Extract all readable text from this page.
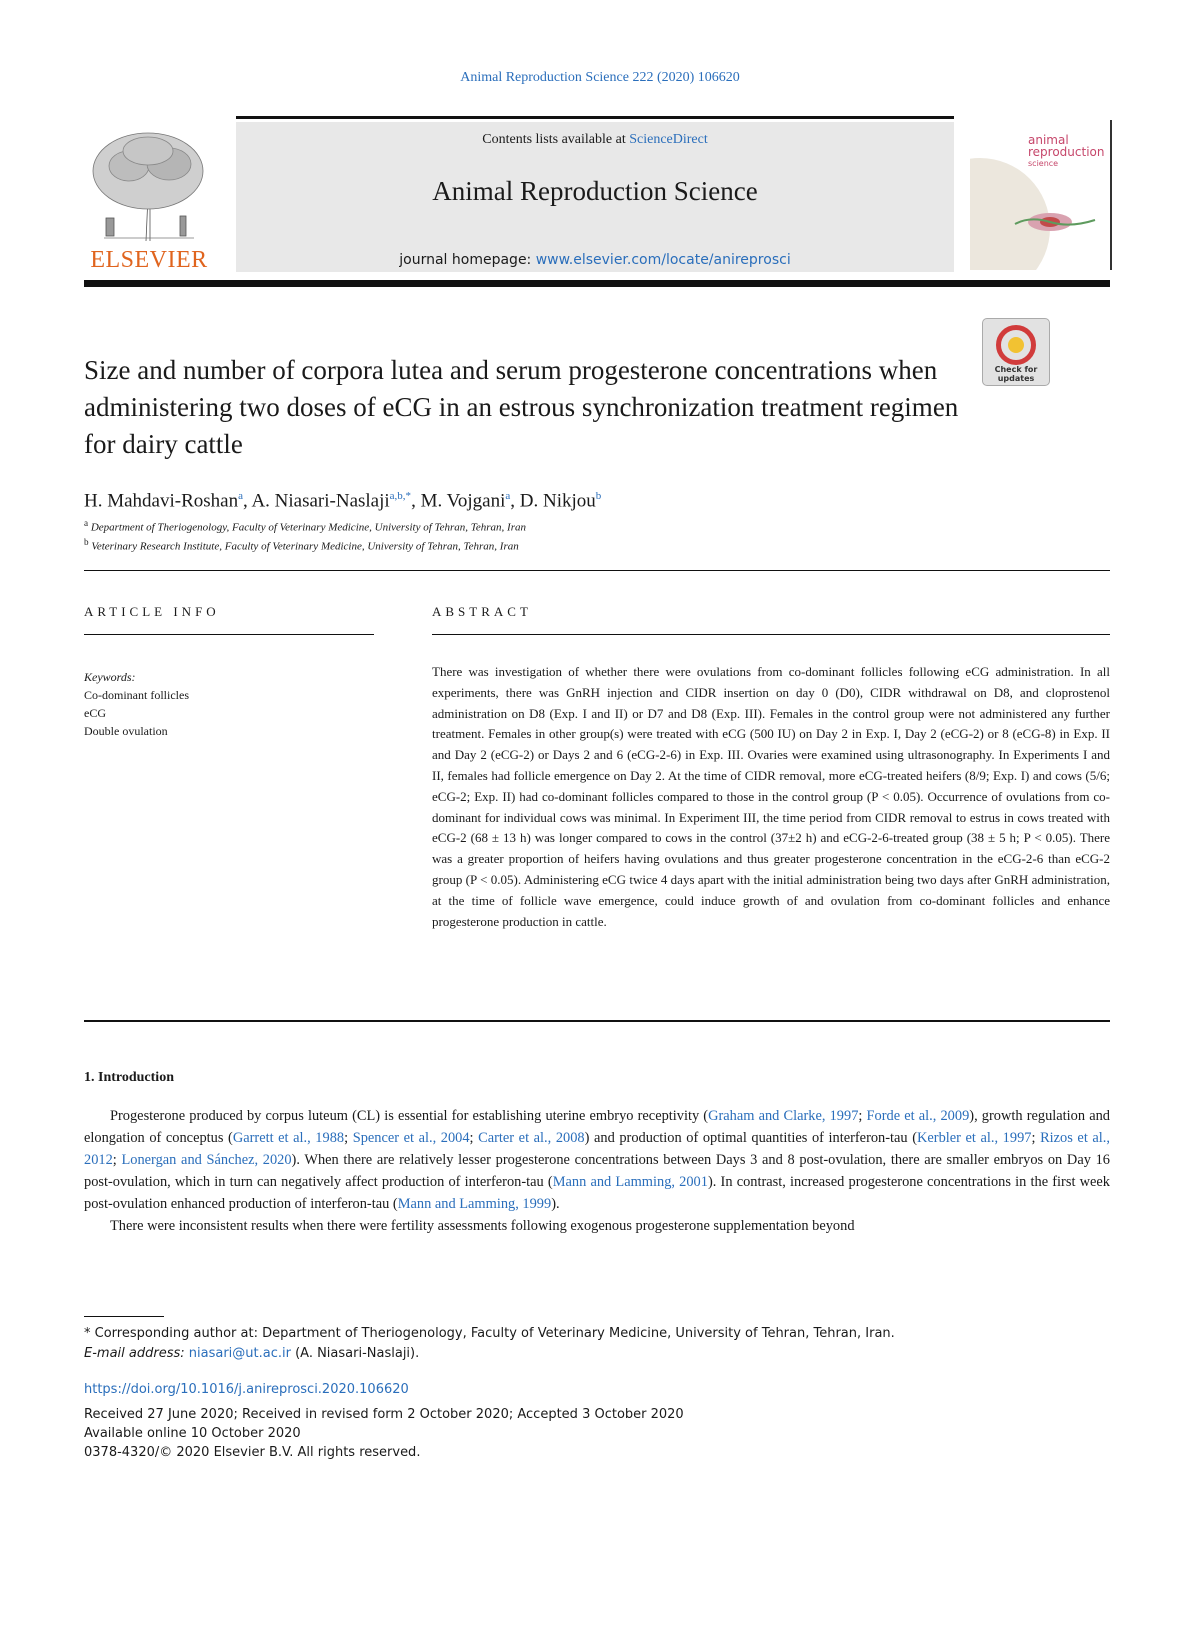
Animal Reproduction Science 222 (2020) 106620
ELSEVIER
Contents lists available at ScienceDirect
Animal Reproduction Science
journal homepage: www.elsevier.com/locate/anireprosci
animal
reproduction
science
Check for updates
Size and number of corpora lutea and serum progesterone concentrations when administering two doses of eCG in an estrous synchronization treatment regimen for dairy cattle
H. Mahdavi-Roshan$^a$, A. Niasari-Naslaji$^{a,b,*}$, M. Vojgani$^a$, D. Nikjou$^b$
$^a$ Department of Theriogenology, Faculty of Veterinary Medicine, University of Tehran, Tehran, Iran
$^b$ Veterinary Research Institute, Faculty of Veterinary Medicine, University of Tehran, Tehran, Iran
ARTICLE INFO	ABSTRACT
Keywords:
Co-dominant follicles
eCG
Double ovulation
There was investigation of whether there were ovulations from co-dominant follicles following eCG administration. In all experiments, there was GnRH injection and CIDR insertion on day 0 (D0), CIDR withdrawal on D8, and cloprostenol administration on D8 (Exp. I and II) or D7 and D8 (Exp. III). Females in the control group were not administered any further treatment. Females in other group(s) were treated with eCG (500 IU) on Day 2 in Exp. I, Day 2 (eCG-2) or 8 (eCG-8) in Exp. II and Day 2 (eCG-2) or Days 2 and 6 (eCG-2-6) in Exp. III. Ovaries were examined using ultrasonography. In Experiments I and II, females had follicle emergence on Day 2. At the time of CIDR removal, more eCG-treated heifers (8/9; Exp. I) and cows (5/6; eCG-2; Exp. II) had co-dominant follicles compared to those in the control group (P < 0.05). Occurrence of ovulations from co-dominant for individual cows was minimal. In Experiment III, the time period from CIDR removal to estrus in cows treated with eCG-2 (68 ± 13 h) was longer compared to cows in the control (37±2 h) and eCG-2-6-treated group (38 ± 5 h; P < 0.05). There was a greater proportion of heifers having ovulations and thus greater progesterone concentration in the eCG-2-6 than eCG-2 group (P < 0.05). Administering eCG twice 4 days apart with the initial administration being two days after GnRH administration, at the time of follicle wave emergence, could induce growth of and ovulation from co-dominant follicles and enhance progesterone production in cattle.
1. Introduction

Progesterone produced by corpus luteum (CL) is essential for establishing uterine embryo receptivity (Graham and Clarke, 1997; Forde et al., 2009), growth regulation and elongation of conceptus (Garrett et al., 1988; Spencer et al., 2004; Carter et al., 2008) and production of optimal quantities of interferon-tau (Kerbler et al., 1997; Rizos et al., 2012; Lonergan and Sánchez, 2020). When there are relatively lesser progesterone concentrations between Days 3 and 8 post-ovulation, there are smaller embryos on Day 16 post-ovulation, which in turn can negatively affect production of interferon-tau (Mann and Lamming, 2001). In contrast, increased progesterone concentrations in the first week post-ovulation enhanced production of interferon-tau (Mann and Lamming, 1999).

There were inconsistent results when there were fertility assessments following exogenous progesterone supplementation beyond

* Corresponding author at: Department of Theriogenology, Faculty of Veterinary Medicine, University of Tehran, Tehran, Iran.
E-mail address: niasari@ut.ac.ir (A. Niasari-Naslaji).
https://doi.org/10.1016/j.anireprosci.2020.106620
Received 27 June 2020; Received in revised form 2 October 2020; Accepted 3 October 2020
Available online 10 October 2020
0378-4320/© 2020 Elsevier B.V. All rights reserved.
